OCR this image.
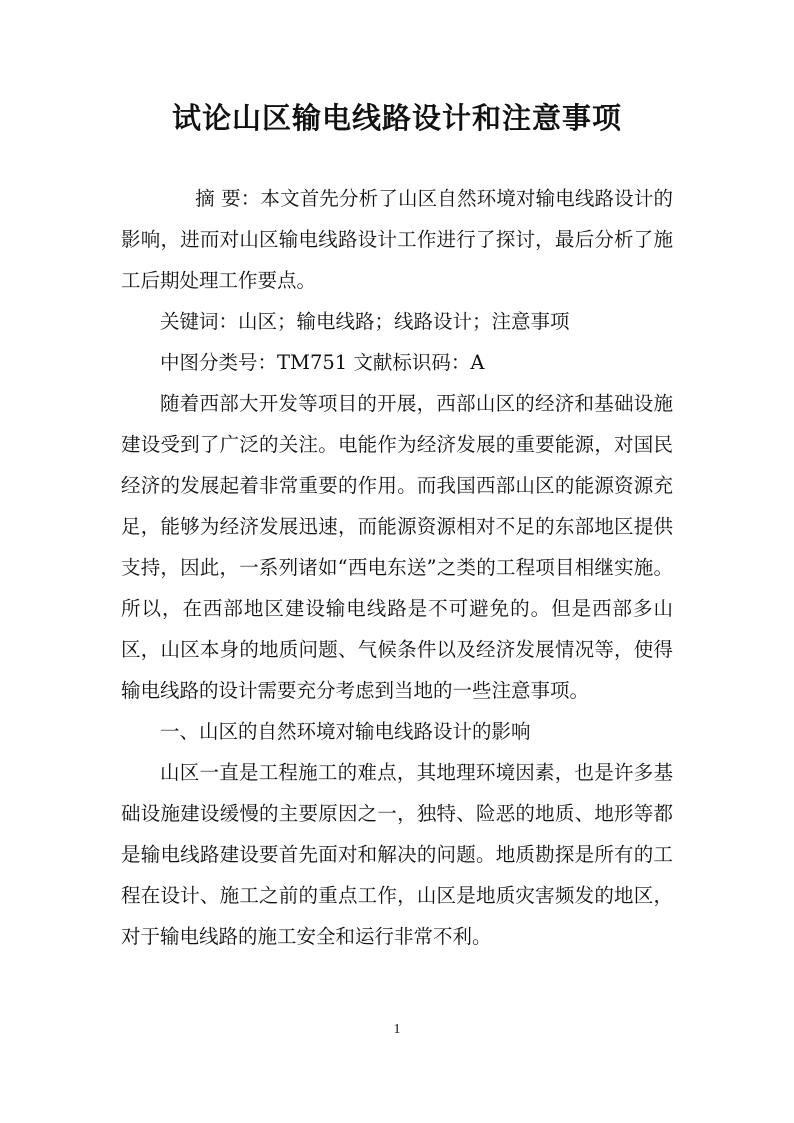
试论山区输电线路设计和注意事项

摘 要：本文首先分析了山区自然环境对输电线路设计的影响，进而对山区输电线路设计工作进行了探讨，最后分析了施工后期处理工作要点。

关键词：山区；输电线路；线路设计；注意事项

中图分类号：TM751 文献标识码：A

随着西部大开发等项目的开展，西部山区的经济和基础设施建设受到了广泛的关注。电能作为经济发展的重要能源，对国民经济的发展起着非常重要的作用。而我国西部山区的能源资源充足，能够为经济发展迅速，而能源资源相对不足的东部地区提供支持，因此，一系列诸如“西电东送”之类的工程项目相继实施。所以，在西部地区建设输电线路是不可避免的。但是西部多山区，山区本身的地质问题、气候条件以及经济发展情况等，使得输电线路的设计需要充分考虑到当地的一些注意事项。

一、山区的自然环境对输电线路设计的影响

山区一直是工程施工的难点，其地理环境因素，也是许多基础设施建设缓慢的主要原因之一，独特、险恶的地质、地形等都是输电线路建设要首先面对和解决的问题。地质勘探是所有的工程在设计、施工之前的重点工作，山区是地质灾害频发的地区，对于输电线路的施工安全和运行非常不利。

1
